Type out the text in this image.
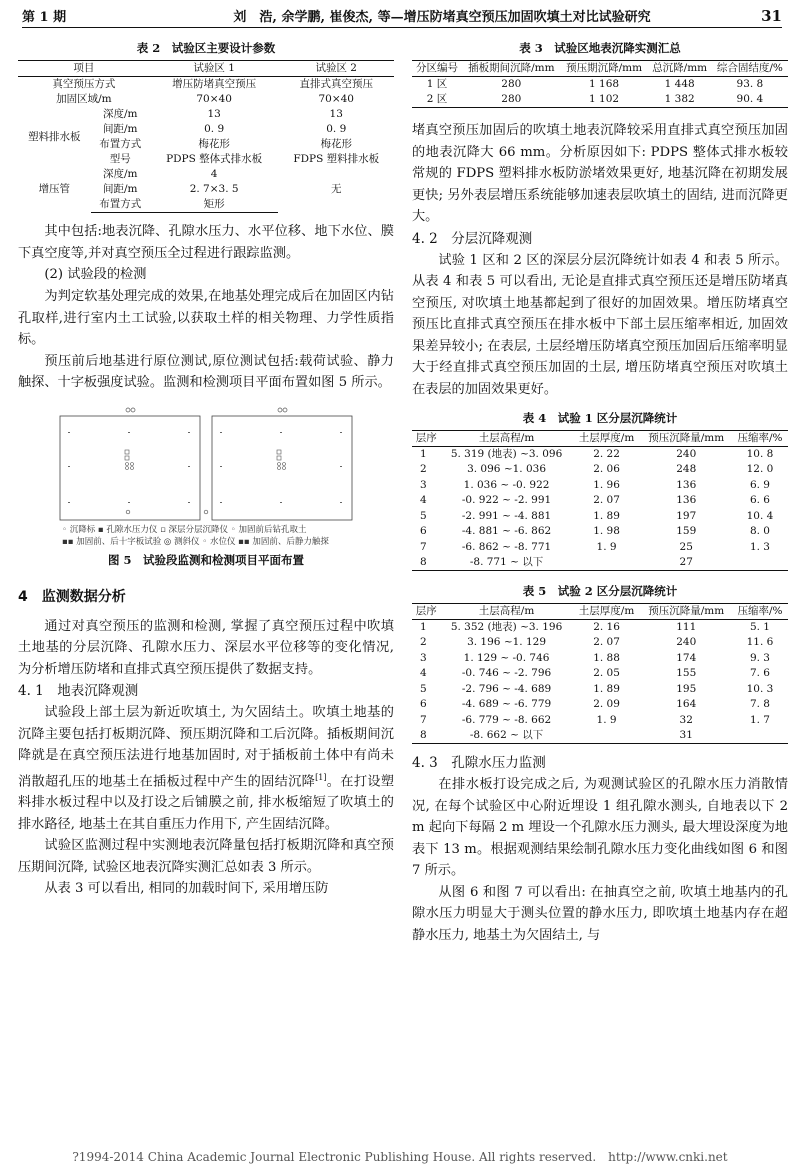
第 1 期	刘　浩, 余学鹏, 崔俊杰, 等—增压防堵真空预压加固吹填土对比试验研究	31
表 2　试验区主要设计参数
项目		试验区 1	试验区 2
真空预压方式		增压防堵真空预压	直排式真空预压
加固区域/m		70×40	70×40
塑料排水板	深度/m	13	13
	间距/m	0. 9	0. 9
	布置方式	梅花形	梅花形
	型号	PDPS 整体式排水板	FDPS 塑料排水板
增压管	深度/m	4	无
	间距/m	2. 7×3. 5	
	布置方式	矩形	

其中包括:地表沉降、孔隙水压力、水平位移、地下水位、膜下真空度等,并对真空预压全过程进行跟踪监测。

(2) 试验段的检测

为判定软基处理完成的效果,在地基处理完成后在加固区内钻孔取样,进行室内土工试验,以获取土样的相关物理、力学性质指标。

预压前后地基进行原位测试,原位测试包括:载荷试验、静力触探、十字板强度试验。监测和检测项目平面布置如图 5 所示。

◦ 沉降标 ▪ 孔隙水压力仪 ▫ 深层分层沉降仪 ◦ 加固前后钻孔取土
▪▪ 加固前、后十字板试验 ◎ 测斜仪 ◦ 水位仪 ▪▪ 加固前、后静力触探
图 5　试验段监测和检测项目平面布置
4　监测数据分析

通过对真空预压的监测和检测, 掌握了真空预压过程中吹填土地基的分层沉降、孔隙水压力、深层水平位移等的变化情况, 为分析增压防堵和直排式真空预压提供了数据支持。

4. 1　地表沉降观测

试验段上部土层为新近吹填土, 为欠固结土。吹填土地基的沉降主要包括打板期沉降、预压期沉降和工后沉降。插板期间沉降就是在真空预压法进行地基加固时, 对于插板前土体中有尚未消散超孔压的地基土在插板过程中产生的固结沉降[1]。在打设塑料排水板过程中以及打设之后铺膜之前, 排水板缩短了吹填土的排水路径, 地基土在其自重压力作用下, 产生固结沉降。

试验区监测过程中实测地表沉降量包括打板期沉降和真空预压期间沉降, 试验区地表沉降实测汇总如表 3 所示。

从表 3 可以看出, 相同的加载时间下, 采用增压防

表 3　试验区地表沉降实测汇总
分区编号	插板期间沉降/mm	预压期沉降/mm	总沉降/mm	综合固结度/%
1 区	280	1 168	1 448	93. 8
2 区	280	1 102	1 382	90. 4

堵真空预压加固后的吹填土地表沉降较采用直排式真空预压加固的地表沉降大 66 mm。分析原因如下: PDPS 整体式排水板较常规的 FDPS 塑料排水板防淤堵效果更好, 地基沉降在初期发展更快; 另外表层增压系统能够加速表层吹填土的固结, 进而沉降更大。

4. 2　分层沉降观测

试验 1 区和 2 区的深层分层沉降统计如表 4 和表 5 所示。从表 4 和表 5 可以看出, 无论是直排式真空预压还是增压防堵真空预压, 对吹填土地基都起到了很好的加固效果。增压防堵真空预压比直排式真空预压在排水板中下部土层压缩率相近, 加固效果差异较小; 在表层, 土层经增压防堵真空预压加固后压缩率明显大于经直排式真空预压加固的土层, 增压防堵真空预压对吹填土在表层的加固效果更好。

表 4　试验 1 区分层沉降统计
层序	土层高程/m	土层厚度/m	预压沉降量/mm	压缩率/%
1	5. 319 (地表) ~3. 096	2. 22	240	10. 8
2	3. 096 ~1. 036	2. 06	248	12. 0
3	1. 036 ~ -0. 922	1. 96	136	6. 9
4	-0. 922 ~ -2. 991	2. 07	136	6. 6
5	-2. 991 ~ -4. 881	1. 89	197	10. 4
6	-4. 881 ~ -6. 862	1. 98	159	8. 0
7	-6. 862 ~ -8. 771	1. 9	25	1. 3
8	-8. 771 ~ 以下		27	
表 5　试验 2 区分层沉降统计
层序	土层高程/m	土层厚度/m	预压沉降量/mm	压缩率/%
1	5. 352 (地表) ~3. 196	2. 16	111	5. 1
2	3. 196 ~1. 129	2. 07	240	11. 6
3	1. 129 ~ -0. 746	1. 88	174	9. 3
4	-0. 746 ~ -2. 796	2. 05	155	7. 6
5	-2. 796 ~ -4. 689	1. 89	195	10. 3
6	-4. 689 ~ -6. 779	2. 09	164	7. 8
7	-6. 779 ~ -8. 662	1. 9	32	1. 7
8	-8. 662 ~ 以下		31	
4. 3　孔隙水压力监测

在排水板打设完成之后, 为观测试验区的孔隙水压力消散情况, 在每个试验区中心附近埋设 1 组孔隙水测头, 自地表以下 2 m 起向下每隔 2 m 埋设一个孔隙水压力测头, 最大埋设深度为地表下 13 m。根据观测结果绘制孔隙水压力变化曲线如图 6 和图 7 所示。

从图 6 和图 7 可以看出: 在抽真空之前, 吹填土地基内的孔隙水压力明显大于测头位置的静水压力, 即吹填土地基内存在超静水压力, 地基土为欠固结土, 与

?1994-2014 China Academic Journal Electronic Publishing House. All rights reserved.　http://www.cnki.net
